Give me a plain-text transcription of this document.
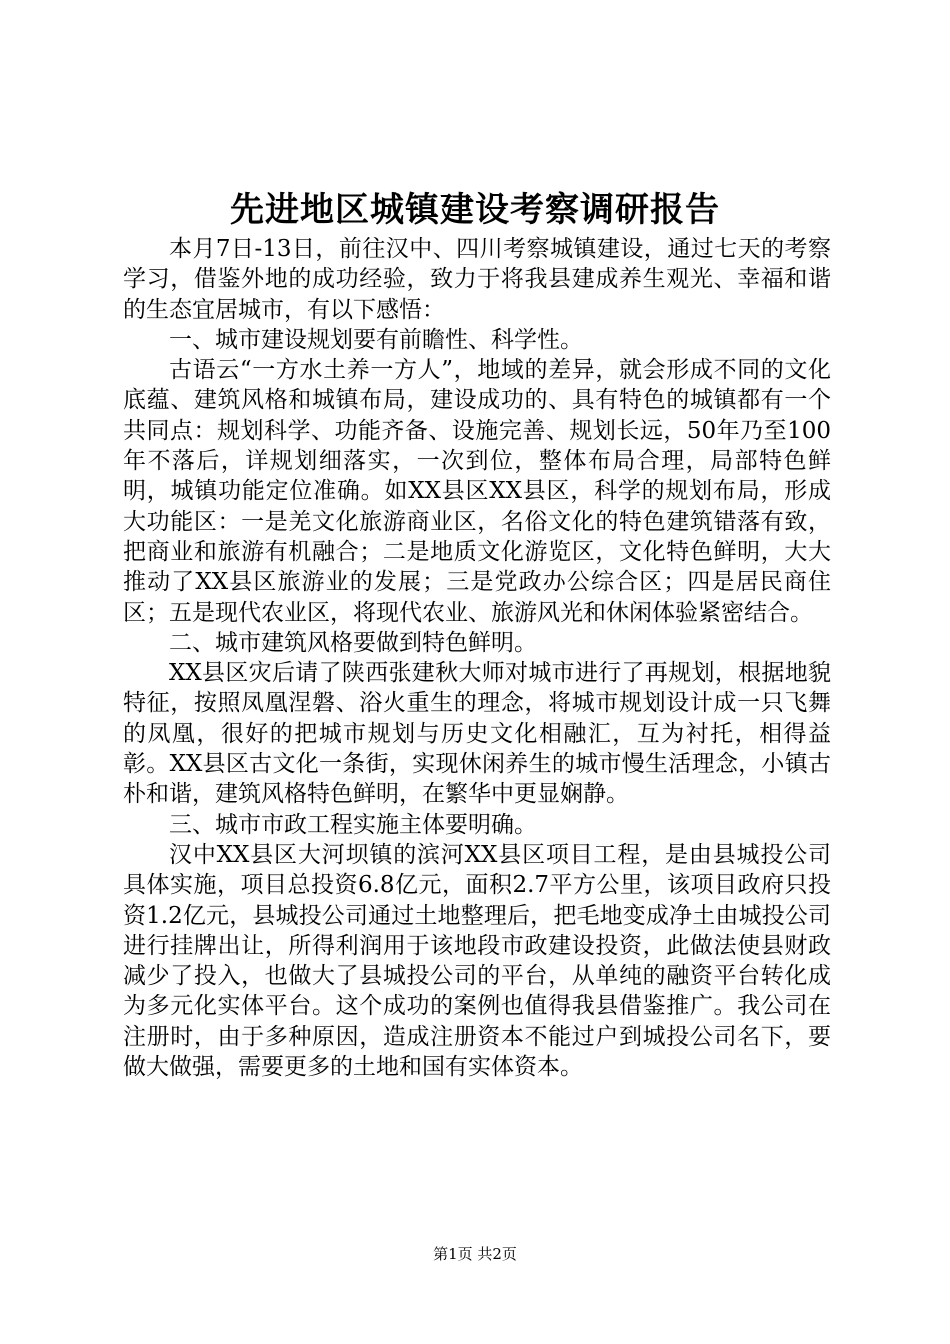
先进地区城镇建设考察调研报告

本月7日-13日，前往汉中、四川考察城镇建设，通过七天的考察学习，借鉴外地的成功经验，致力于将我县建成养生观光、幸福和谐的生态宜居城市，有以下感悟：

一、城市建设规划要有前瞻性、科学性。

古语云“一方水土养一方人”，地域的差异，就会形成不同的文化底蕴、建筑风格和城镇布局，建设成功的、具有特色的城镇都有一个共同点：规划科学、功能齐备、设施完善、规划长远，50年乃至100年不落后，详规划细落实，一次到位，整体布局合理，局部特色鲜明，城镇功能定位准确。如XX县区XX县区，科学的规划布局，形成大功能区：一是羌文化旅游商业区，名俗文化的特色建筑错落有致，把商业和旅游有机融合；二是地质文化游览区，文化特色鲜明，大大推动了XX县区旅游业的发展；三是党政办公综合区；四是居民商住区；五是现代农业区，将现代农业、旅游风光和休闲体验紧密结合。

二、城市建筑风格要做到特色鲜明。

XX县区灾后请了陕西张建秋大师对城市进行了再规划，根据地貌特征，按照凤凰涅磐、浴火重生的理念，将城市规划设计成一只飞舞的凤凰，很好的把城市规划与历史文化相融汇，互为衬托，相得益彰。XX县区古文化一条街，实现休闲养生的城市慢生活理念，小镇古朴和谐，建筑风格特色鲜明，在繁华中更显娴静。

三、城市市政工程实施主体要明确。

汉中XX县区大河坝镇的滨河XX县区项目工程，是由县城投公司具体实施，项目总投资6.8亿元，面积2.7平方公里，该项目政府只投资1.2亿元，县城投公司通过土地整理后，把毛地变成净土由城投公司进行挂牌出让，所得利润用于该地段市政建设投资，此做法使县财政减少了投入，也做大了县城投公司的平台，从单纯的融资平台转化成为多元化实体平台。这个成功的案例也值得我县借鉴推广。我公司在注册时，由于多种原因，造成注册资本不能过户到城投公司名下，要做大做强，需要更多的土地和国有实体资本。

第1页 共2页
